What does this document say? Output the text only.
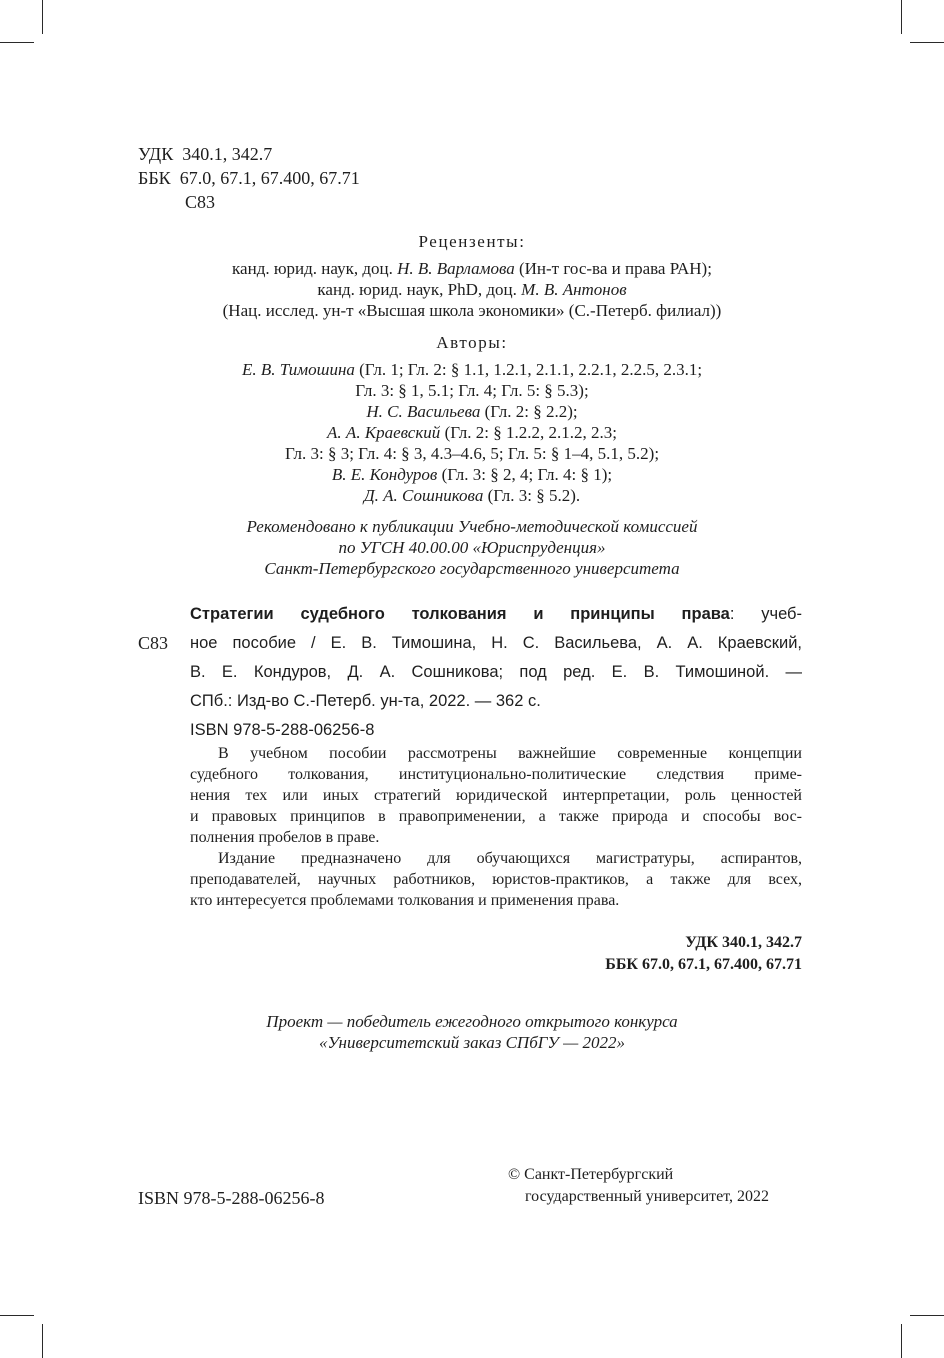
УДК 340.1, 342.7
ББК 67.0, 67.1, 67.400, 67.71
С83
Рецензенты:
канд. юрид. наук, доц. Н. В. Варламова (Ин-т гос-ва и права РАН);
канд. юрид. наук, PhD, доц. М. В. Антонов
(Нац. исслед. ун-т «Высшая школа экономики» (С.-Петерб. филиал))
Авторы:
Е. В. Тимошина (Гл. 1; Гл. 2: § 1.1, 1.2.1, 2.1.1, 2.2.1, 2.2.5, 2.3.1;
Гл. 3: § 1, 5.1; Гл. 4; Гл. 5: § 5.3);
Н. С. Васильева (Гл. 2: § 2.2);
А. А. Краевский (Гл. 2: § 1.2.2, 2.1.2, 2.3;
Гл. 3: § 3; Гл. 4: § 3, 4.3–4.6, 5; Гл. 5: § 1–4, 5.1, 5.2);
В. Е. Кондуров (Гл. 3: § 2, 4; Гл. 4: § 1);
Д. А. Сошникова (Гл. 3: § 5.2).
Рекомендовано к публикации Учебно-методической комиссией
по УГСН 40.00.00 «Юриспруденция»
Санкт-Петербургского государственного университета
С83
Стратегии судебного толкования и принципы права: учеб-
ное пособие / Е. В. Тимошина, Н. С. Васильева, А. А. Краевский,
В. Е. Кондуров, Д. А. Сошникова; под ред. Е. В. Тимошиной. —
СПб.: Изд-во С.-Петерб. ун-та, 2022. — 362 с.
ISBN 978-5-288-06256-8
В учебном пособии рассмотрены важнейшие современные концепции
судебного толкования, институционально-политические следствия приме-
нения тех или иных стратегий юридической интерпретации, роль ценностей
и правовых принципов в правоприменении, а также природа и способы вос-
полнения пробелов в праве.
Издание предназначено для обучающихся магистратуры, аспирантов,
преподавателей, научных работников, юристов-практиков, а также для всех,
кто интересуется проблемами толкования и применения права.
УДК 340.1, 342.7
ББК 67.0, 67.1, 67.400, 67.71
Проект — победитель ежегодного открытого конкурса
«Университетский заказ СПбГУ — 2022»
ISBN 978-5-288-06256-8
© Санкт-Петербургский
государственный университет, 2022
